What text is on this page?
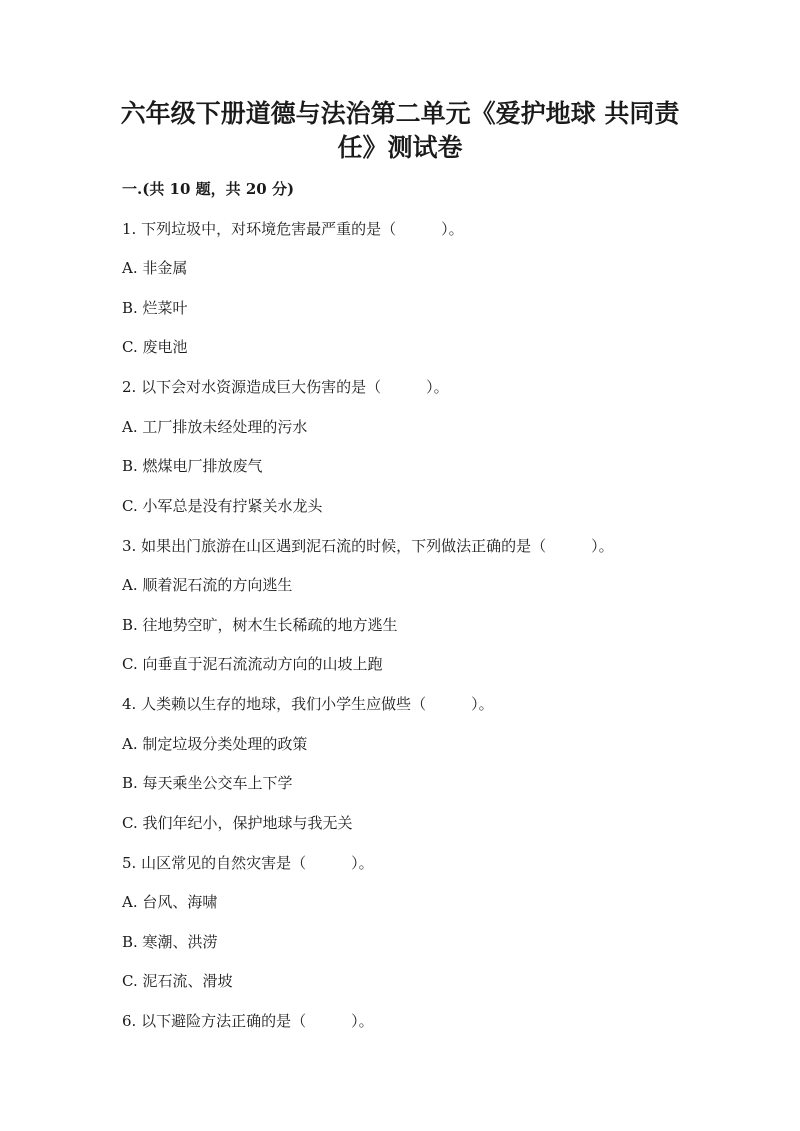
六年级下册道德与法治第二单元《爱护地球 共同责
任》测试卷
一.(共 10 题，共 20 分)
1. 下列垃圾中，对环境危害最严重的是（　　　）。
A. 非金属
B. 烂菜叶
C. 废电池
2. 以下会对水资源造成巨大伤害的是（　　　）。
A. 工厂排放未经处理的污水
B. 燃煤电厂排放废气
C. 小军总是没有拧紧关水龙头
3. 如果出门旅游在山区遇到泥石流的时候，下列做法正确的是（　　　）。
A. 顺着泥石流的方向逃生
B. 往地势空旷，树木生长稀疏的地方逃生
C. 向垂直于泥石流流动方向的山坡上跑
4. 人类赖以生存的地球，我们小学生应做些（　　　）。
A. 制定垃圾分类处理的政策
B. 每天乘坐公交车上下学
C. 我们年纪小，保护地球与我无关
5. 山区常见的自然灾害是（　　　）。
A. 台风、海啸
B. 寒潮、洪涝
C. 泥石流、滑坡
6. 以下避险方法正确的是（　　　）。
